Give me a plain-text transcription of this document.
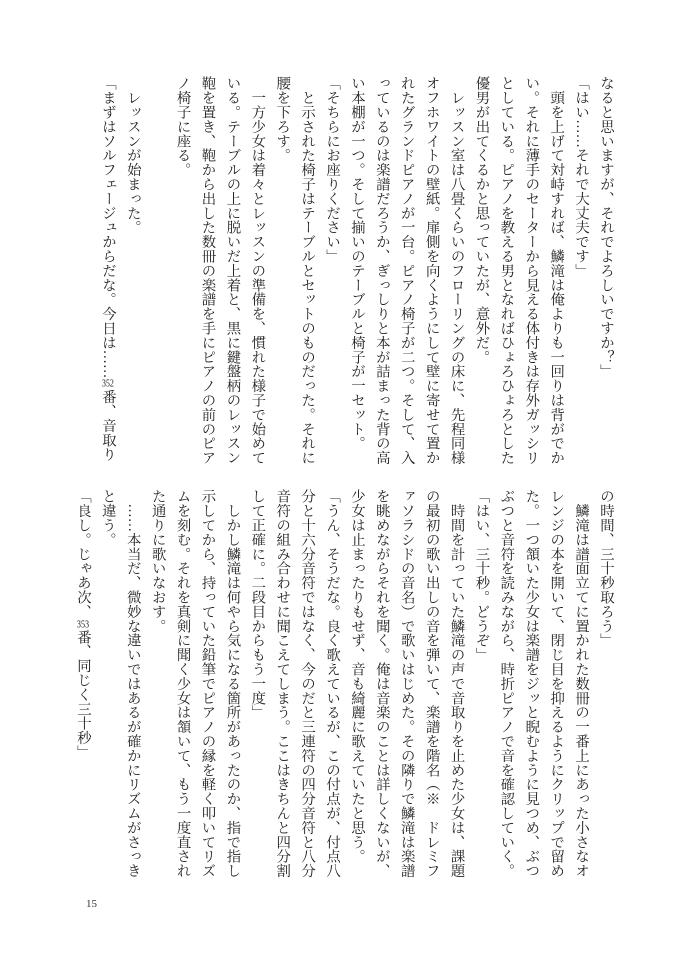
なると思いますが、それでよろしいですか？」
「はい……それで大丈夫です」
　頭を上げて対峙すれば、鱗滝は俺よりも一回りは背がでか
い。それに薄手のセーターから見える体付きは存外ガッシリ
としている。ピアノを教える男となればひょろひょろとした
優男が出てくるかと思っていたが、意外だ。
　レッスン室は八畳くらいのフローリングの床に、先程同様
オフホワイトの壁紙。扉側を向くようにして壁に寄せて置か
れたグランドピアノが一台。ピアノ椅子が二つ。そして、入
っているのは楽譜だろうか、ぎっしりと本が詰まった背の高
い本棚が一つ。そして揃いのテーブルと椅子が一セット。
「そちらにお座りください」
　と示された椅子はテーブルとセットのものだった。それに
腰を下ろす。
　一方少女は着々とレッスンの準備を、慣れた様子で始めて
いる。テーブルの上に脱いだ上着と、黒に鍵盤柄のレッスン
鞄を置き、鞄から出した数冊の楽譜を手にピアノの前のピア
ノ椅子に座る。
　レッスンが始まった。
「まずはソルフェージュからだな。今日は……352番、音取り
の時間、三十秒取ろう」
　鱗滝は譜面立てに置かれた数冊の一番上にあった小さなオ
レンジの本を開いて、閉じ目を抑えるようにクリップで留め
た。一つ頷いた少女は楽譜をジッと睨むように見つめ、ぶつ
ぶつと音符を読みながら、時折ピアノで音を確認していく。
「はい、三十秒。どうぞ」
　時間を計っていた鱗滝の声で音取りを止めた少女は、課題
の最初の歌い出しの音を弾いて、楽譜を階名（※　ドレミフ
ァソラシドの音名）で歌いはじめた。その隣りで鱗滝は楽譜
を眺めながらそれを聞く。俺は音楽のことは詳しくないが、
少女は止まったりもせず、音も綺麗に歌えていたと思う。
「うん、そうだな。良く歌えているが、この付点が、付点八
分と十六分音符ではなく、今のだと三連符の四分音符と八分
音符の組み合わせに聞こえてしまう。ここはきちんと四分割
して正確に。二段目からもう一度」
　しかし鱗滝は何やら気になる箇所があったのか、指で指し
示してから、持っていた鉛筆でピアノの縁を軽く叩いてリズ
ムを刻む。それを真剣に聞く少女は頷いて、もう一度直され
た通りに歌いなおす。
　……本当だ、微妙な違いではあるが確かにリズムがさっき
と違う。
「良し。じゃあ次、353番、同じく三十秒」
15
